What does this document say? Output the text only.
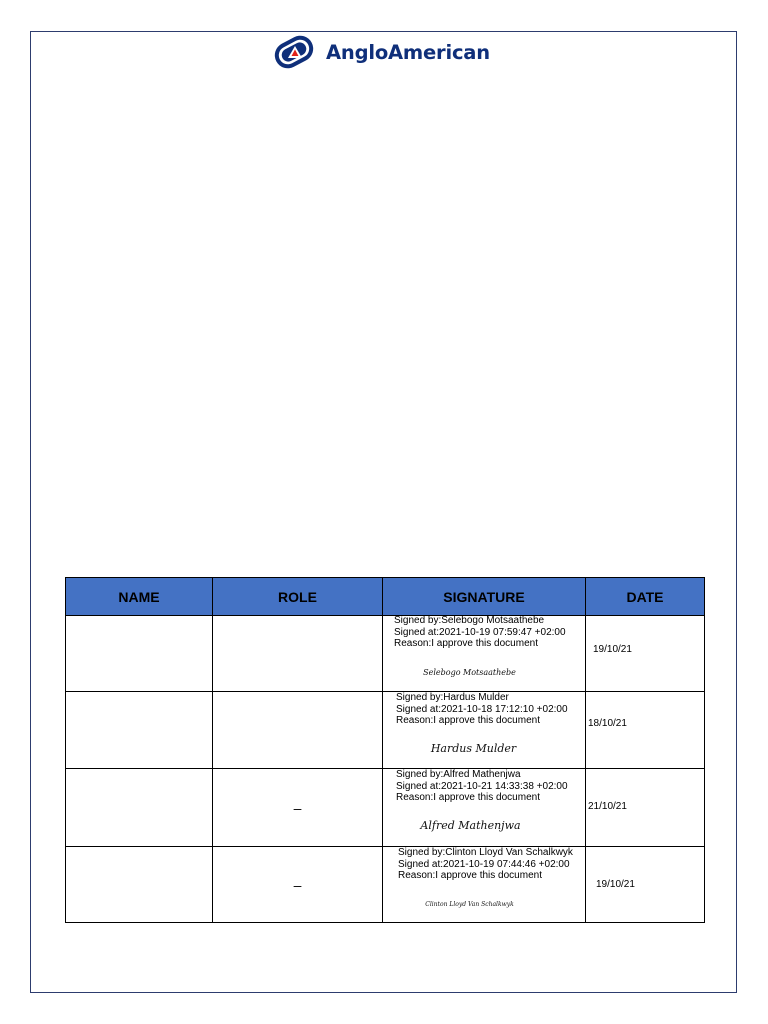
AngloAmerican
NAME	ROLE	SIGNATURE	DATE

		Signed by:Selebogo Motsaathebe
Signed at:2021-10-19 07:59:47 +02:00
Reason:I approve this document
Selebogo Motsaathebe	19/10/21

		Signed by:Hardus Mulder
Signed at:2021-10-18 17:12:10 +02:00
Reason:I approve this document
Hardus Mulder	18/10/21
	–	Signed by:Alfred Mathenjwa
Signed at:2021-10-21 14:33:38 +02:00
Reason:I approve this document
Alfred Mathenjwa	21/10/21
	–	Signed by:Clinton Lloyd Van Schalkwyk
Signed at:2021-10-19 07:44:46 +02:00
Reason:I approve this document
Clinton Lloyd Van Schalkwyk	19/10/21
